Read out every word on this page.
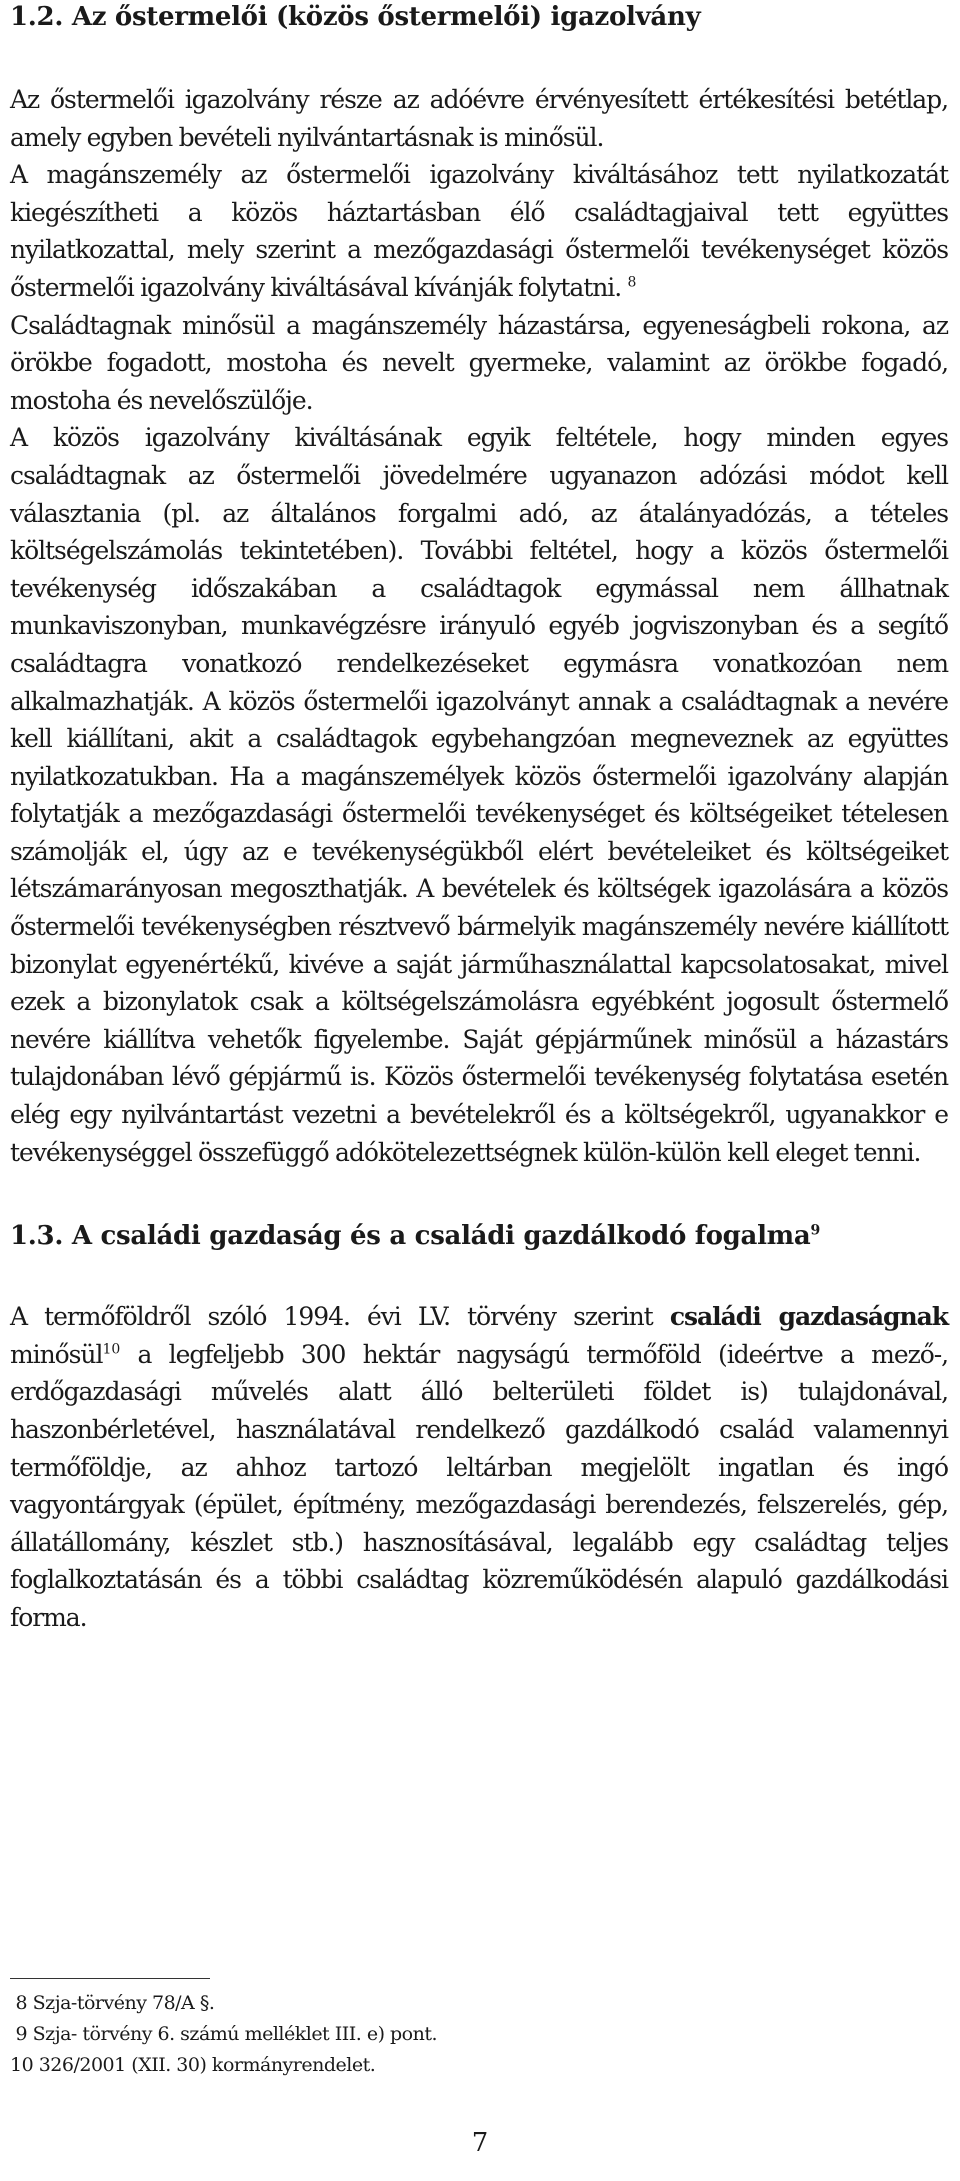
1.2. Az őstermelői (közös őstermelői) igazolvány

Az őstermelői igazolvány része az adóévre érvényesített értékesítési betétlap, amely egyben bevételi nyilvántartásnak is minősül.

A magánszemély az őstermelői igazolvány kiváltásához tett nyilatkozatát kiegészítheti a közös háztartásban élő családtagjaival tett együttes nyilatkozattal, mely szerint a mezőgazdasági őstermelői tevékenységet közös őstermelői igazolvány kiváltásával kívánják folytatni. $^8$

Családtagnak minősül a magánszemély házastársa, egyeneságbeli rokona, az örökbe fogadott, mostoha és nevelt gyermeke, valamint az örökbe fogadó, mostoha és nevelőszülője.

A közös igazolvány kiváltásának egyik feltétele, hogy minden egyes családtagnak az őstermelői jövedelmére ugyanazon adózási módot kell választania (pl. az általános forgalmi adó, az átalányadózás, a tételes költségelszámolás tekintetében). További feltétel, hogy a közös őstermelői tevékenység időszakában a családtagok egymással nem állhatnak munkaviszonyban, munkavégzésre irányuló egyéb jogviszonyban és a segítő családtagra vonatkozó rendelkezéseket egymásra vonatkozóan nem alkalmazhatják. A közös őstermelői igazolványt annak a családtagnak a nevére kell kiállítani, akit a családtagok egybehangzóan megneveznek az együttes nyilatkozatukban. Ha a magánszemélyek közös őstermelői igazolvány alapján folytatják a mezőgazdasági őstermelői tevékenységet és költségeiket tételesen számolják el, úgy az e tevékenységükből elért bevételeiket és költségeiket létszámarányosan megoszthatják. A bevételek és költségek igazolására a közös őstermelői tevékenységben résztvevő bármelyik magánszemély nevére kiállított bizonylat egyenértékű, kivéve a saját járműhasználattal kapcsolatosakat, mivel ezek a bizonylatok csak a költségelszámolásra egyébként jogosult őstermelő nevére kiállítva vehetők figyelembe. Saját gépjárműnek minősül a házastárs tulajdonában lévő gépjármű is. Közös őstermelői tevékenység folytatása esetén elég egy nyilvántartást vezetni a bevételekről és a költségekről, ugyanakkor e tevékenységgel összefüggő adókötelezettségnek külön-külön kell eleget tenni.

1.3. A családi gazdaság és a családi gazdálkodó fogalma$^9$

A termőföldről szóló 1994. évi LV. törvény szerint családi gazdaságnak minősül$^{10}$ a legfeljebb 300 hektár nagyságú termőföld (ideértve a mező-, erdőgazdasági művelés alatt álló belterületi földet is) tulajdonával, haszonbérletével, használatával rendelkező gazdálkodó család valamennyi termőföldje, az ahhoz tartozó leltárban megjelölt ingatlan és ingó vagyontárgyak (épület, építmény, mezőgazdasági berendezés, felszerelés, gép, állatállomány, készlet stb.) hasznosításával, legalább egy családtag teljes foglalkoztatásán és a többi családtag közreműködésén alapuló gazdálkodási forma.

8 Szja-törvény 78/A §.

9 Szja- törvény 6. számú melléklet III. e) pont.

10 326/2001 (XII. 30) kormányrendelet.

7
